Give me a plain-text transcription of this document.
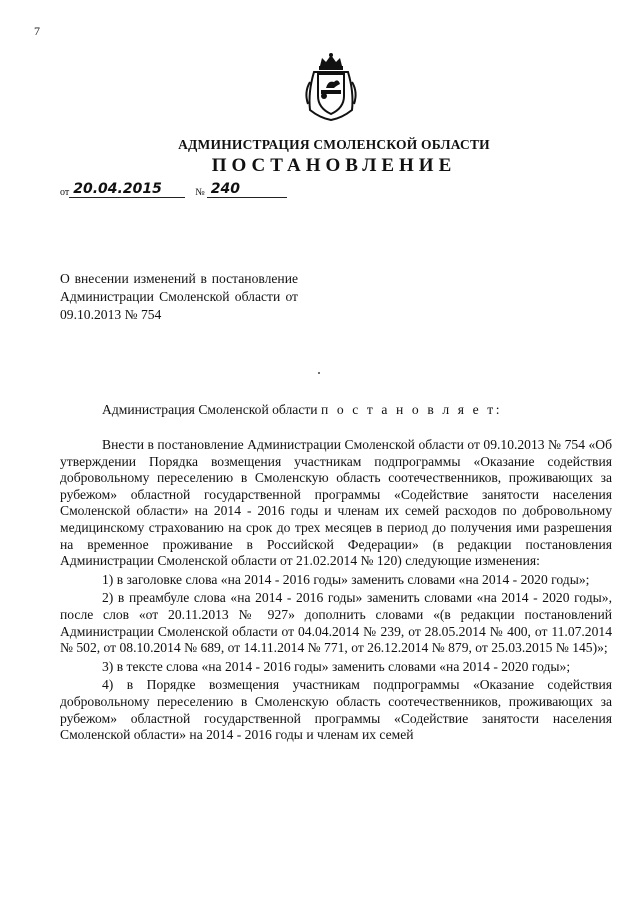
7
АДМИНИСТРАЦИЯ СМОЛЕНСКОЙ ОБЛАСТИ
ПОСТАНОВЛЕНИЕ
от 20.04.2015	№ 240
О внесении изменений в постановление Администрации Смоленской области от 09.10.2013 № 754
Администрация Смоленской области п о с т а н о в л я е т:

Внести в постановление Администрации Смоленской области от 09.10.2013 № 754 «Об утверждении Порядка возмещения участникам подпрограммы «Оказание содействия добровольному переселению в Смоленскую область соотечественников, проживающих за рубежом» областной государственной программы «Содействие занятости населения Смоленской области» на 2014 - 2016 годы и членам их семей расходов по добровольному медицинскому страхованию на срок до трех месяцев в период до получения ими разрешения на временное проживание в Российской Федерации» (в редакции постановления Администрации Смоленской области от 21.02.2014 № 120) следующие изменения:

1) в заголовке слова «на 2014 - 2016 годы» заменить словами «на 2014 - 2020 годы»;

2) в преамбуле слова «на 2014 - 2016 годы» заменить словами «на 2014 - 2020 годы», после слов «от 20.11.2013 № 927» дополнить словами «(в редакции постановлений Администрации Смоленской области от 04.04.2014 № 239, от 28.05.2014 № 400, от 11.07.2014 № 502, от 08.10.2014 № 689, от 14.11.2014 № 771, от 26.12.2014 № 879, от 25.03.2015 № 145)»;

3) в тексте слова «на 2014 - 2016 годы» заменить словами «на 2014 - 2020 годы»;

4) в Порядке возмещения участникам подпрограммы «Оказание содействия добровольному переселению в Смоленскую область соотечественников, проживающих за рубежом» областной государственной программы «Содействие занятости населения Смоленской области» на 2014 - 2016 годы и членам их семей
